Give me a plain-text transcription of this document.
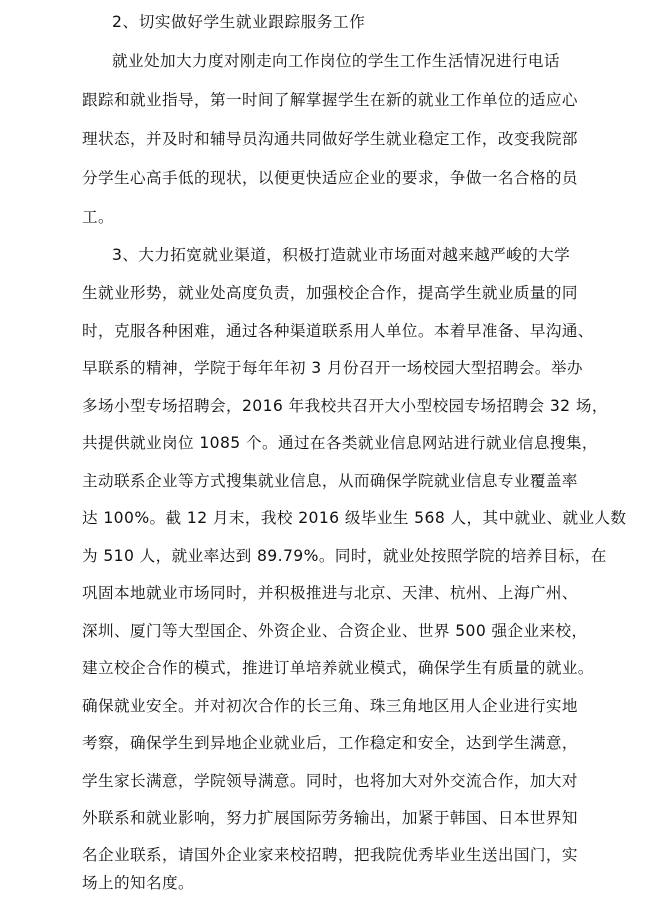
2、切实做好学生就业跟踪服务工作
就业处加大力度对刚走向工作岗位的学生工作生活情况进行电话
跟踪和就业指导，第一时间了解掌握学生在新的就业工作单位的适应心
理状态，并及时和辅导员沟通共同做好学生就业稳定工作，改变我院部
分学生心高手低的现状，以便更快适应企业的要求，争做一名合格的员
工。
3、大力拓宽就业渠道，积极打造就业市场面对越来越严峻的大学
生就业形势，就业处高度负责，加强校企合作，提高学生就业质量的同
时，克服各种困难，通过各种渠道联系用人单位。本着早准备、早沟通、
早联系的精神，学院于每年年初 3 月份召开一场校园大型招聘会。举办
多场小型专场招聘会，2016 年我校共召开大小型校园专场招聘会 32 场，
共提供就业岗位 1085 个。通过在各类就业信息网站进行就业信息搜集，
主动联系企业等方式搜集就业信息，从而确保学院就业信息专业覆盖率
达 100%。截 12 月末，我校 2016 级毕业生 568 人，其中就业、就业人数
为 510 人，就业率达到 89.79%。同时，就业处按照学院的培养目标，在
巩固本地就业市场同时，并积极推进与北京、天津、杭州、上海广州、
深圳、厦门等大型国企、外资企业、合资企业、世界 500 强企业来校，
建立校企合作的模式，推进订单培养就业模式，确保学生有质量的就业。
确保就业安全。并对初次合作的长三角、珠三角地区用人企业进行实地
考察，确保学生到异地企业就业后，工作稳定和安全，达到学生满意，
学生家长满意，学院领导满意。同时，也将加大对外交流合作，加大对
外联系和就业影响，努力扩展国际劳务输出，加紧于韩国、日本世界知
名企业联系，请国外企业家来校招聘，把我院优秀毕业生送出国门，实
场上的知名度。
